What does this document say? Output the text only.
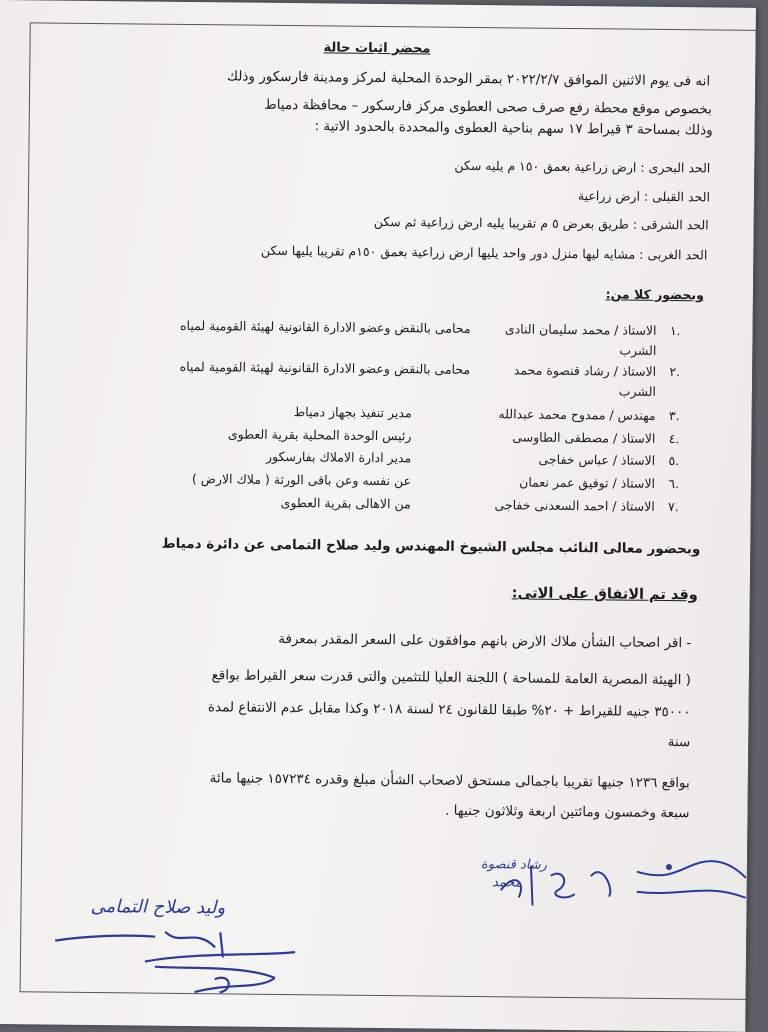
محضر اثبات حالة
انه فى يوم الاثنين الموافق ٢٠٢٢/٢/٧ بمقر الوحدة المحلية لمركز ومدينة فارسكور وذلك
بخصوص موقع محطة رفع صرف صحى العطوى مركز فارسكور – محافظة دمياط
وذلك بمساحة ٣ قيراط ١٧ سهم بناحية العطوى والمحددة بالحدود الاتية :
الحد البحرى : ارض زراعية بعمق ١٥٠ م يليه سكن
الحد القبلى : ارض زراعية
الحد الشرقى : طريق بعرض ٥ م تقريبا يليه ارض زراعية ثم سكن
الحد الغربى : مشايه ليها منزل دور واحد يليها ارض زراعية بعمق ١٥٠م تقريبا يليها سكن
وبحضور كلا من:
الاستاذ / محمد سليمان النادى .١
محامى بالنقض وعضو الادارة القانونية لهيئة القومية لمياه
الشرب
الاستاذ / رشاد قنصوة محمد .٢
محامى بالنقض وعضو الادارة القانونية لهيئة القومية لمياه
الشرب
مهندس / ممدوح محمد عبدالله .٣
مدير تنفيذ بجهاز دمياط
الاستاذ / مصطفى الطاوسى .٤
رئيس الوحدة المحلية بقرية العطوى
الاستاذ / عباس خفاجى .٥
مدير ادارة الاملاك بفارسكور
الاستاذ / توفيق عمر نعمان .٦
عن نفسه وعن باقى الورثة ( ملاك الارض )
الاستاذ / احمد السعدنى خفاجى .٧
من الاهالى بقرية العطوى
وبحضور معالى النائب مجلس الشيوخ المهندس وليد صلاح التمامى عن دائرة دمياط
وقد تم الاتفاق على الاتى:
- اقر اصحاب الشأن ملاك الارض بانهم موافقون على السعر المقدر بمعرفة
( الهيئة المصرية العامة للمساحة ) اللجنة العليا للتثمين والتى قدرت سعر القيراط بواقع
٣٥٠٠٠ جنيه للقيراط + ٢٠% طبقا للقانون ٢٤ لسنة ٢٠١٨ وكذا مقابل عدم الانتفاع لمدة
سنة
بواقع ١٢٣٦ جنيها تقريبا باجمالى مستحق لاصحاب الشأن مبلغ وقدره ١٥٧٢٣٤ جنيها مائة
سبعة وخمسون ومائتين اربعة وثلاثون جنيها .
محمد
رشاد قنصوة
وليد صلاح التمامى
